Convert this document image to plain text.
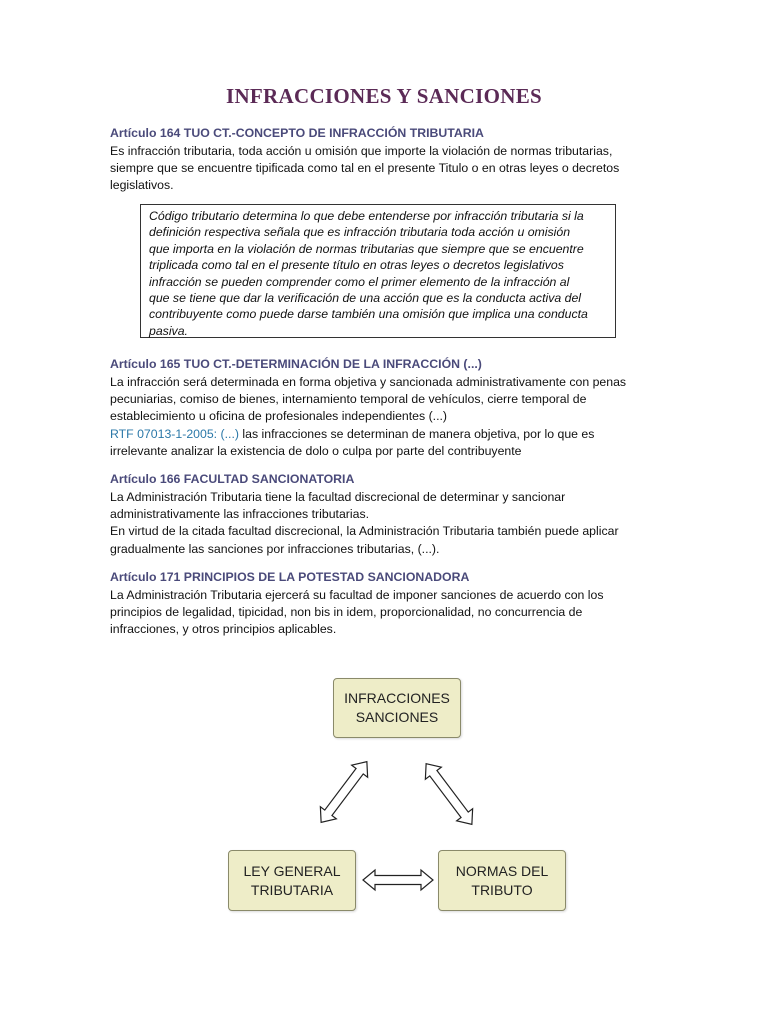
INFRACCIONES Y SANCIONES
Artículo 164 TUO CT.-CONCEPTO DE INFRACCIÓN TRIBUTARIA
Es infracción tributaria, toda acción u omisión que importe la violación de normas tributarias,
siempre que se encuentre tipificada como tal en el presente Titulo o en otras leyes o decretos
legislativos.
Código tributario determina lo que debe entenderse por infracción tributaria si la
definición respectiva señala que es infracción tributaria toda acción u omisión
que importa en la violación de normas tributarias que siempre que se encuentre
triplicada como tal en el presente título en otras leyes o decretos legislativos
infracción se pueden comprender como el primer elemento de la infracción al
que se tiene que dar la verificación de una acción que es la conducta activa del
contribuyente como puede darse también una omisión que implica una conducta
pasiva.
Artículo 165 TUO CT.-DETERMINACIÓN DE LA INFRACCIÓN (...)
La infracción será determinada en forma objetiva y sancionada administrativamente con penas
pecuniarias, comiso de bienes, internamiento temporal de vehículos, cierre temporal de
establecimiento u oficina de profesionales independientes (...)
RTF 07013-1-2005: (...) las infracciones se determinan de manera objetiva, por lo que es
irrelevante analizar la existencia de dolo o culpa por parte del contribuyente
Artículo 166 FACULTAD SANCIONATORIA
La Administración Tributaria tiene la facultad discrecional de determinar y sancionar
administrativamente las infracciones tributarias.
En virtud de la citada facultad discrecional, la Administración Tributaria también puede aplicar
gradualmente las sanciones por infracciones tributarias, (...).
Artículo 171 PRINCIPIOS DE LA POTESTAD SANCIONADORA
La Administración Tributaria ejercerá su facultad de imponer sanciones de acuerdo con los
principios de legalidad, tipicidad, non bis in idem, proporcionalidad, no concurrencia de
infracciones, y otros principios aplicables.
INFRACCIONES
SANCIONES
LEY GENERAL
TRIBUTARIA
NORMAS DEL
TRIBUTO
